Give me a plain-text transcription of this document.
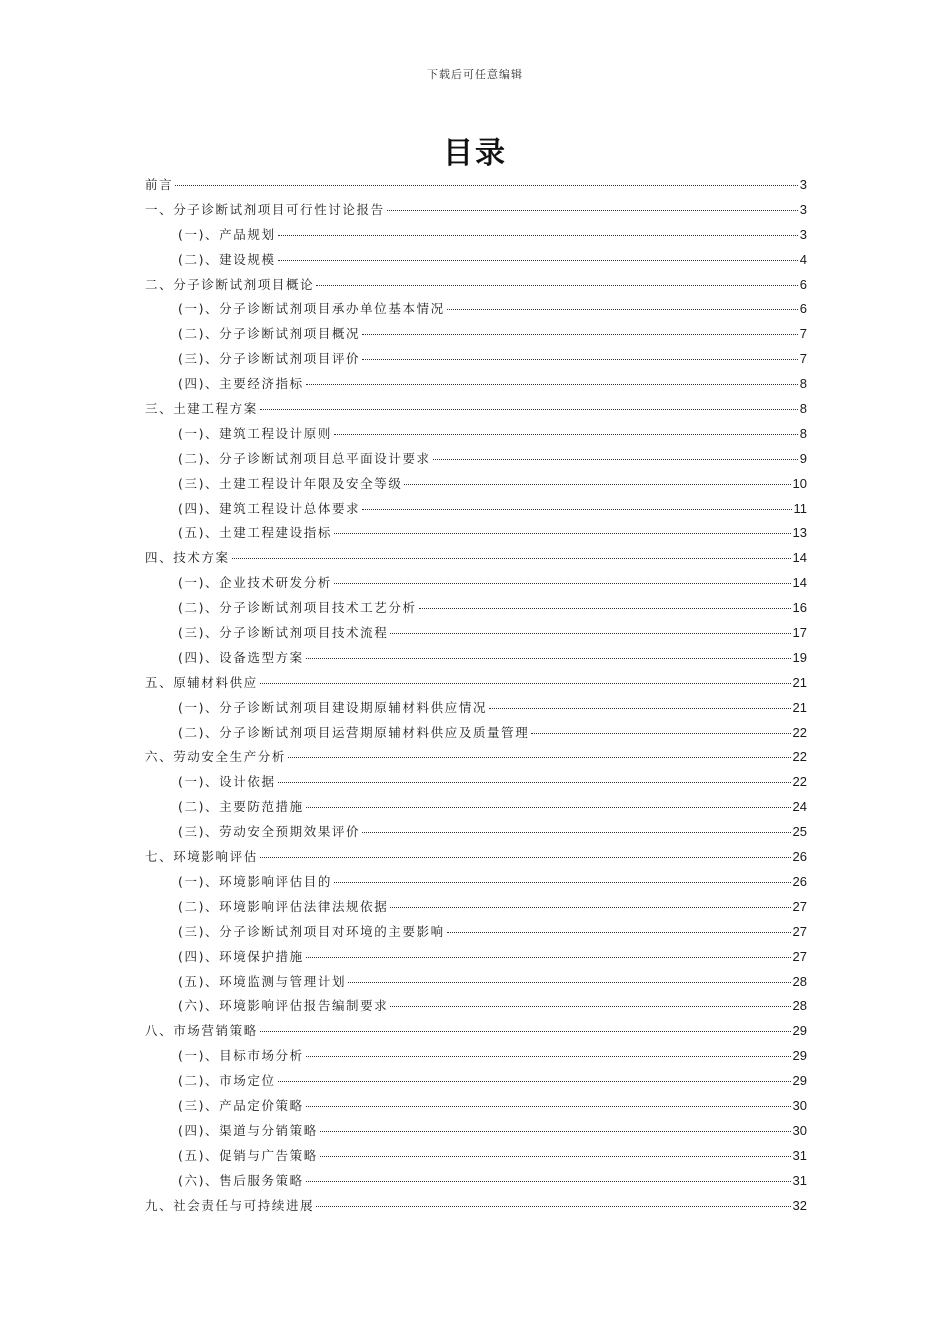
下载后可任意编辑
目录
前言	3
一、分子诊断试剂项目可行性讨论报告	3
(一)、产品规划	3
(二)、建设规模	4
二、分子诊断试剂项目概论	6
(一)、分子诊断试剂项目承办单位基本情况	6
(二)、分子诊断试剂项目概况	7
(三)、分子诊断试剂项目评价	7
(四)、主要经济指标	8
三、土建工程方案	8
(一)、建筑工程设计原则	8
(二)、分子诊断试剂项目总平面设计要求	9
(三)、土建工程设计年限及安全等级	10
(四)、建筑工程设计总体要求	11
(五)、土建工程建设指标	13
四、技术方案	14
(一)、企业技术研发分析	14
(二)、分子诊断试剂项目技术工艺分析	16
(三)、分子诊断试剂项目技术流程	17
(四)、设备选型方案	19
五、原辅材料供应	21
(一)、分子诊断试剂项目建设期原辅材料供应情况	21
(二)、分子诊断试剂项目运营期原辅材料供应及质量管理	22
六、劳动安全生产分析	22
(一)、设计依据	22
(二)、主要防范措施	24
(三)、劳动安全预期效果评价	25
七、环境影响评估	26
(一)、环境影响评估目的	26
(二)、环境影响评估法律法规依据	27
(三)、分子诊断试剂项目对环境的主要影响	27
(四)、环境保护措施	27
(五)、环境监测与管理计划	28
(六)、环境影响评估报告编制要求	28
八、市场营销策略	29
(一)、目标市场分析	29
(二)、市场定位	29
(三)、产品定价策略	30
(四)、渠道与分销策略	30
(五)、促销与广告策略	31
(六)、售后服务策略	31
九、社会责任与可持续进展	32
